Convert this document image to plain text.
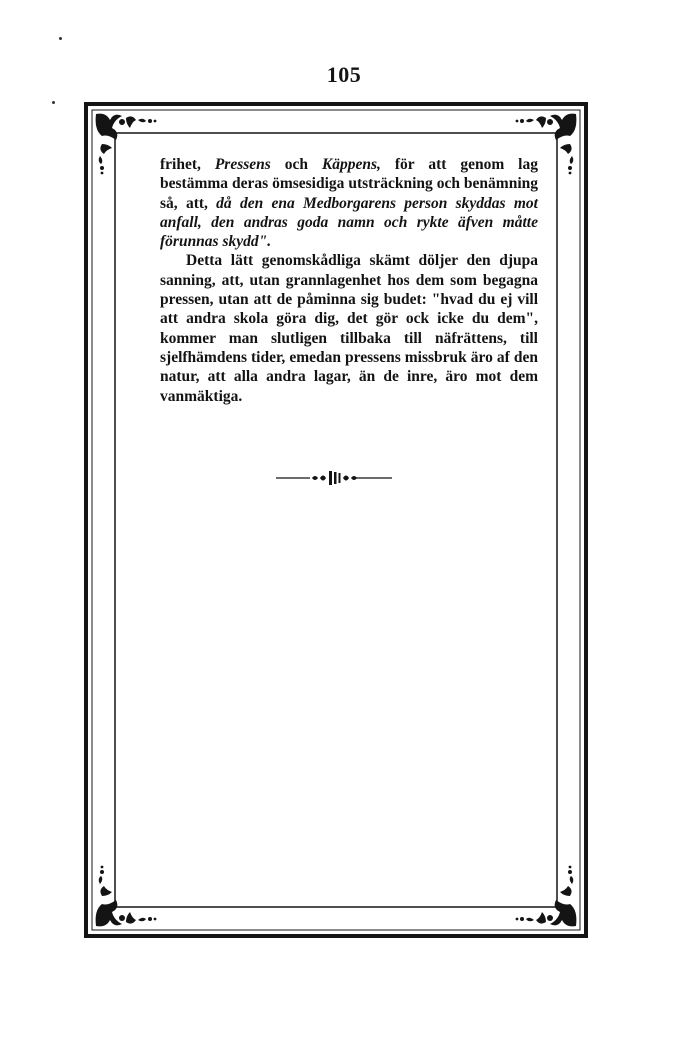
105

frihet, Pressens och Käppens, för att genom lag bestämma deras ömsesidiga utsträckning och benämning så, att, då den ena Medborgarens person skyddas mot anfall, den andras goda namn och rykte äfven måtte förunnas skydd".

Detta lätt genomskådliga skämt döljer den djupa sanning, att, utan grannlagenhet hos dem som begagna pressen, utan att de påminna sig budet: "hvad du ej vill att andra skola göra dig, det gör ock icke du dem", kommer man slutligen tillbaka till näfrättens, till sjelfhämdens tider, emedan pressens missbruk äro af den natur, att alla andra lagar, än de inre, äro mot dem vanmäktiga.
